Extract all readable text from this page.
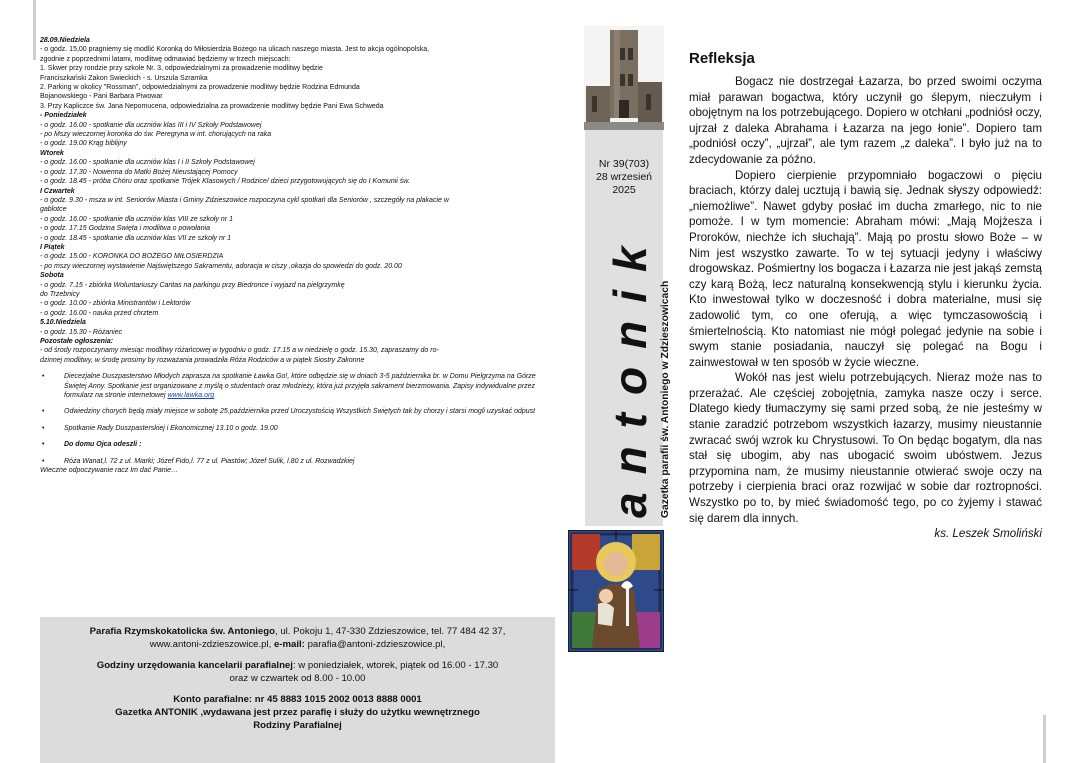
28.09.Niedziela
- o godz. 15,00 pragniemy się modlić Koronką do Miłosierdzia Bożego na ulicach naszego miasta. Jest to akcja ogólnopolska,
zgodnie z poprzednimi latami, modlitwę odmawiać będziemy w trzech miejscach:
1. Skwer przy rondzie przy szkole Nr. 3, odpowiedzialnymi za prowadzenie modlitwy będzie
Franciszkański Zakon Świeckich - s. Urszula Szramka
2. Parking w okolicy "Rossman", odpowiedzialnymi za prowadzenie modlitwy będzie Rodzina Edmunda
Bojanowskiego - Pani Barbara Piwowar
3. Przy Kapliczce św. Jana Nepomucena, odpowiedzialna za prowadzenie modlitwy będzie Pani Ewa Schweda
- Poniedziałek
- o godz. 16.00 - spotkanie dla uczniów klas III i IV Szkoły Podstawowej
- po Mszy wieczornej koronka do św. Peregryna w int. chorujących na raka
- o godz. 19.00 Krąg biblijny
Wtorek
- o godz. 16.00 - spotkanie dla uczniów klas I i II Szkoły Podstawowej
- o godz. 17.30 - Nowenna do Matki Bożej Nieustającej Pomocy
- o godz. 18.45 - próba Chóru oraz spotkanie Trójek Klasowych / Rodzice/ dzieci przygotowujących się do I Komunii św.
I Czwartek
- o godz. 9.30 - msza w int. Seniorów Miasta i Gminy Zdzieszowice rozpoczyna cykl spotkań dla Seniorów , szczegóły na plakacie w
gablotce
- o godz. 16.00 - spotkanie dla uczniów klas VIII ze szkoły nr 1
- o godz. 17.15 Godzina Święta i modlitwa o powołania
- o godz. 18.45 - spotkanie dla uczniów klas VII ze szkoły nr 1
I Piątek
- o godz. 15.00 - KORONKA DO BOŻEGO MIŁOSIERDZIA
- po mszy wieczornej wystawienie Najświętszego Sakramentu, adoracja w ciszy ,okazja do spowiedzi do godz. 20.00
Sobota
- o godz. 7.15 - zbiórka Woluntariuszy Caritas na parkingu przy Biedronce i wyjazd na pielgrzymkę
do Trzebnicy
- o godz. 10.00 - zbiórka Ministrantów i Lektorów
- o godz. 16.00 - nauka przed chrztem
5.10.Niedziela
- o godz. 15.30 - Różaniec
Pozostałe ogłoszenia:
- od środy rozpoczynamy miesiąc modlitwy różańcowej w tygodniu o godz. 17.15 a w niedzielę o godz. 15.30, zapraszamy do ro-
dzinnej modlitwy, w środę prosimy by rozważania prowadziła Róża Rodziców a w piątek Siostry Zakonne
•	Diecezjalne Duszpasterstwo Młodych zaprasza na spotkanie Ławka Go!, które odbędzie się w dniach 3-5 października br. w Domu Pielgrzyma na Górze Świętej Anny. Spotkanie jest organizowane z myślą o studentach oraz młodzieży, która już przyjęła sakrament bierzmowania. Zapisy indywidualne przez formularz na stronie internetowej www.lawka.org
•	Odwiedziny chorych będą miały miejsce w sobotę 25.października przed Uroczystością Wszystkich Świętych tak by chorzy i starsi mogli uzyskać odpust
•	Spotkanie Rady Duszpasterskiej i Ekonomicznej 13.10 o godz. 19.00
•	Do domu Ojca odeszli :
•	Róża Wanat,l. 72 z ul. Miarki; Józef Fido,l. 77 z ul. Piastów; Józef Sulik, l.80 z ul. Rozwadzkiej
Wieczne odpoczywanie racz Im dać Panie…

Parafia Rzymskokatolicka św. Antoniego, ul. Pokoju 1, 47-330 Zdzieszowice, tel. 77 484 42 37,

www.antoni-zdzieszowice.pl, e-mail: parafia@antoni-zdzieszowice.pl,

Godziny urzędowania kancelarii parafialnej: w poniedziałek, wtorek, piątek od 16.00 - 17.30

oraz w czwartek od 8.00 - 10.00

Konto parafialne: nr 45 8883 1015 2002 0013 8888 0001

Gazetka ANTONIK ,wydawana jest przez parafię i służy do użytku wewnętrznego

Rodziny Parafialnej

Nr 39(703)
28 wrzesień 2025
antonik Gazetka parafii św. Antoniego w Zdzieszowicach
Refleksja

Bogacz nie dostrzegał Łazarza, bo przed swoimi oczyma miał parawan bogactwa, który uczynił go ślepym, nieczułym i obojętnym na los potrzebującego. Dopiero w otchłani „podniósł oczy, ujrzał z daleka Abrahama i Łazarza na jego łonie”. Dopiero tam „podniósł oczy”, „ujrzał”, ale tym razem „z daleka”. I było już na to zdecydowanie za późno.

Dopiero cierpienie przypomniało bogaczowi o pięciu braciach, którzy dalej ucztują i bawią się. Jednak słyszy odpowiedź: „niemożliwe”. Nawet gdyby posłać im ducha zmarłego, nic to nie pomoże. I w tym momencie: Abraham mówi: „Mają Mojżesza i Proroków, niechże ich słuchają”. Mają po prostu słowo Boże – w Nim jest wszystko zawarte. To w tej sytuacji jedyny i właściwy drogowskaz. Pośmiertny los bogacza i Łazarza nie jest jakąś zemstą czy karą Bożą, lecz naturalną konsekwencją stylu i kierunku życia. Kto inwestował tylko w doczesność i dobra materialne, musi się zadowolić tym, co one oferują, a więc tymczasowością i śmiertelnością. Kto natomiast nie mógł polegać jedynie na sobie i swym stanie posiadania, nauczył się polegać na Bogu i zainwestował w ten sposób w życie wieczne.

Wokół nas jest wielu potrzebujących. Nieraz może nas to przerażać. Ale częściej zobojętnia, zamyka nasze oczy i serce. Dlatego kiedy tłumaczymy się sami przed sobą, że nie jesteśmy w stanie zaradzić potrzebom wszystkich łazarzy, musimy nieustannie zwracać swój wzrok ku Chrystusowi. To On będąc bogatym, dla nas stał się ubogim, aby nas ubogacić swoim ubóstwem. Jezus przypomina nam, że musimy nieustannie otwierać swoje oczy na potrzeby i cierpienia braci oraz rozwijać w sobie dar roztropności. Wszystko po to, by mieć świadomość tego, po co żyjemy i stawać się darem dla innych.

ks. Leszek Smoliński
